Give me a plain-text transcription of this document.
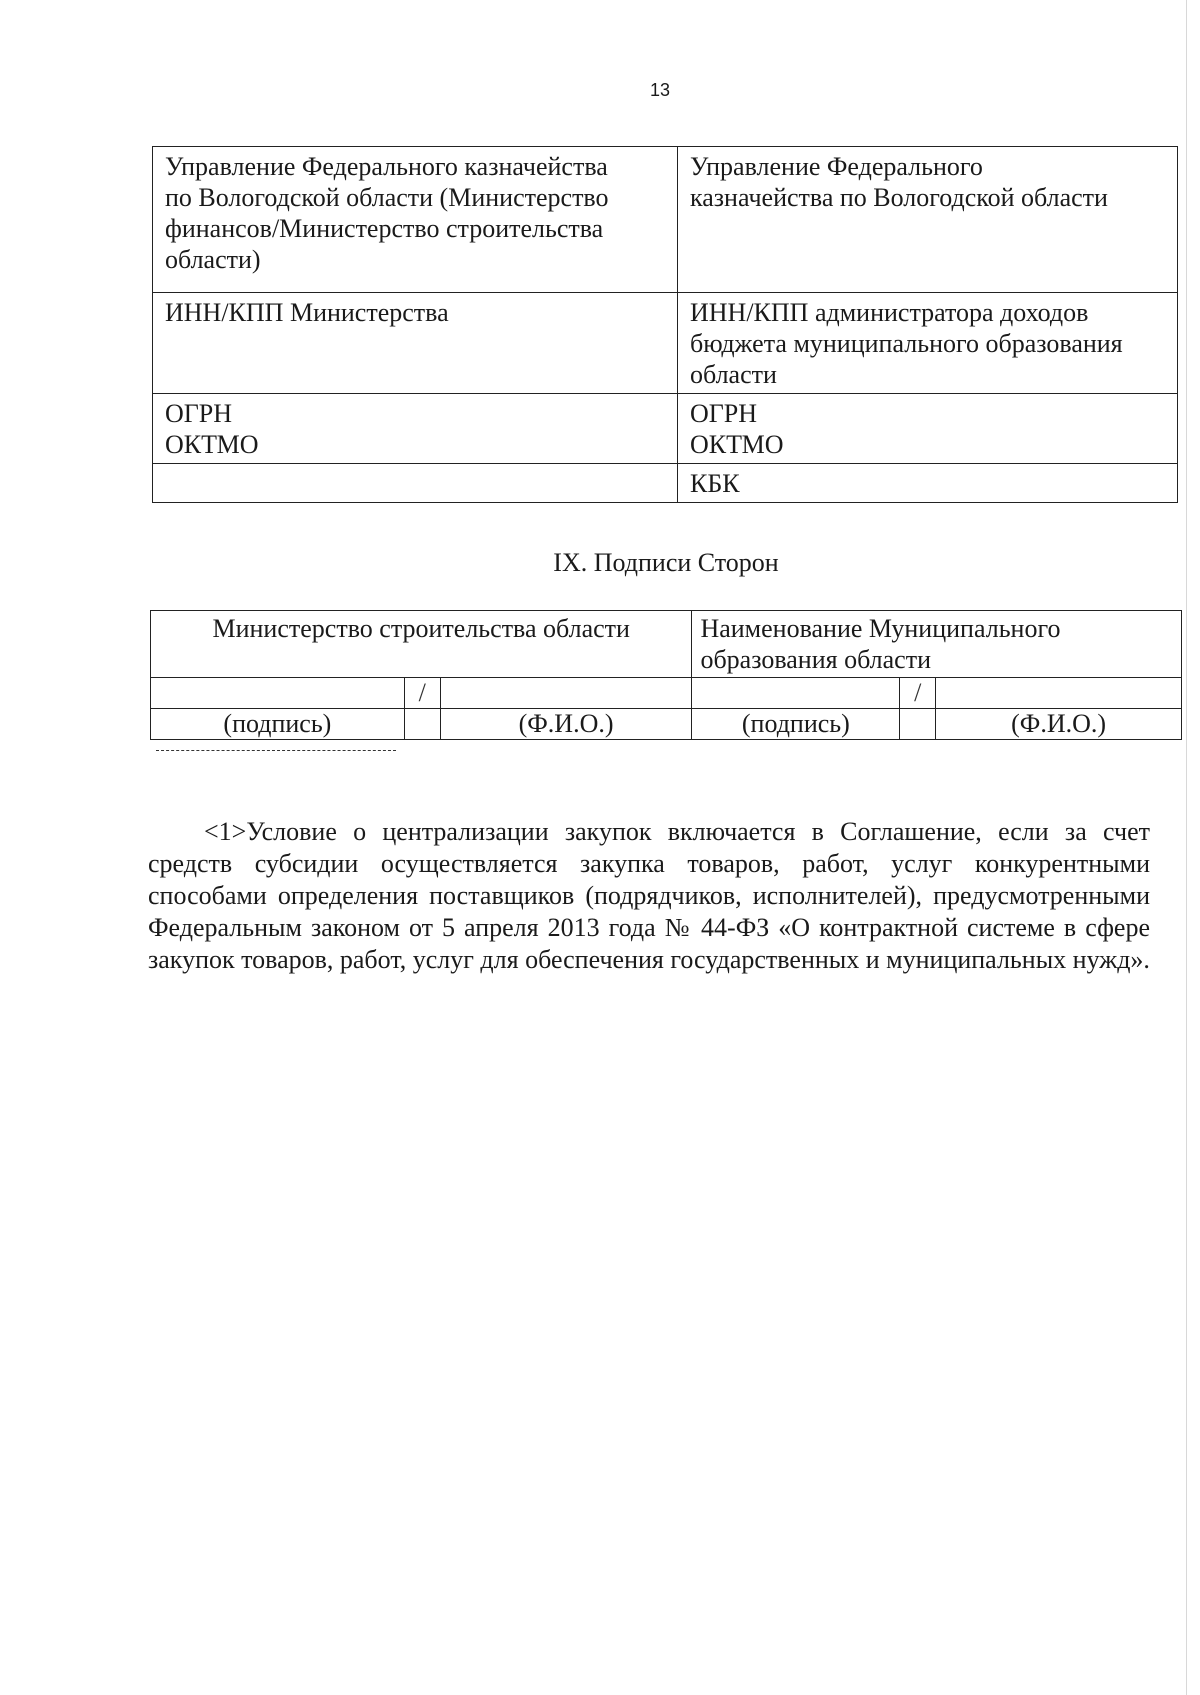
13
Управление Федерального казначейства
по Вологодской области (Министерство
финансов/Министерство строительства
области)	Управление Федерального
казначейства по Вологодской области

ИНН/КПП Министерства	ИНН/КПП администратора доходов
бюджета муниципального образования
области

ОГРН
ОКТМО	ОГРН
ОКТМО

	КБК
IX. Подписи Сторон
Министерство строительства области			Наименование Муниципального
образования области		

	/			/	
(подпись)		(Ф.И.О.)	(подпись)		(Ф.И.О.)

<1>Условие о централизации закупок включается в Соглашение, если за счет средств субсидии осуществляется закупка товаров, работ, услуг конкурентными способами определения поставщиков (подрядчиков, исполнителей), предусмотренными Федеральным законом от 5 апреля 2013 года № 44-ФЗ «О контрактной системе в сфере закупок товаров, работ, услуг для обеспечения государственных и муниципальных нужд».
